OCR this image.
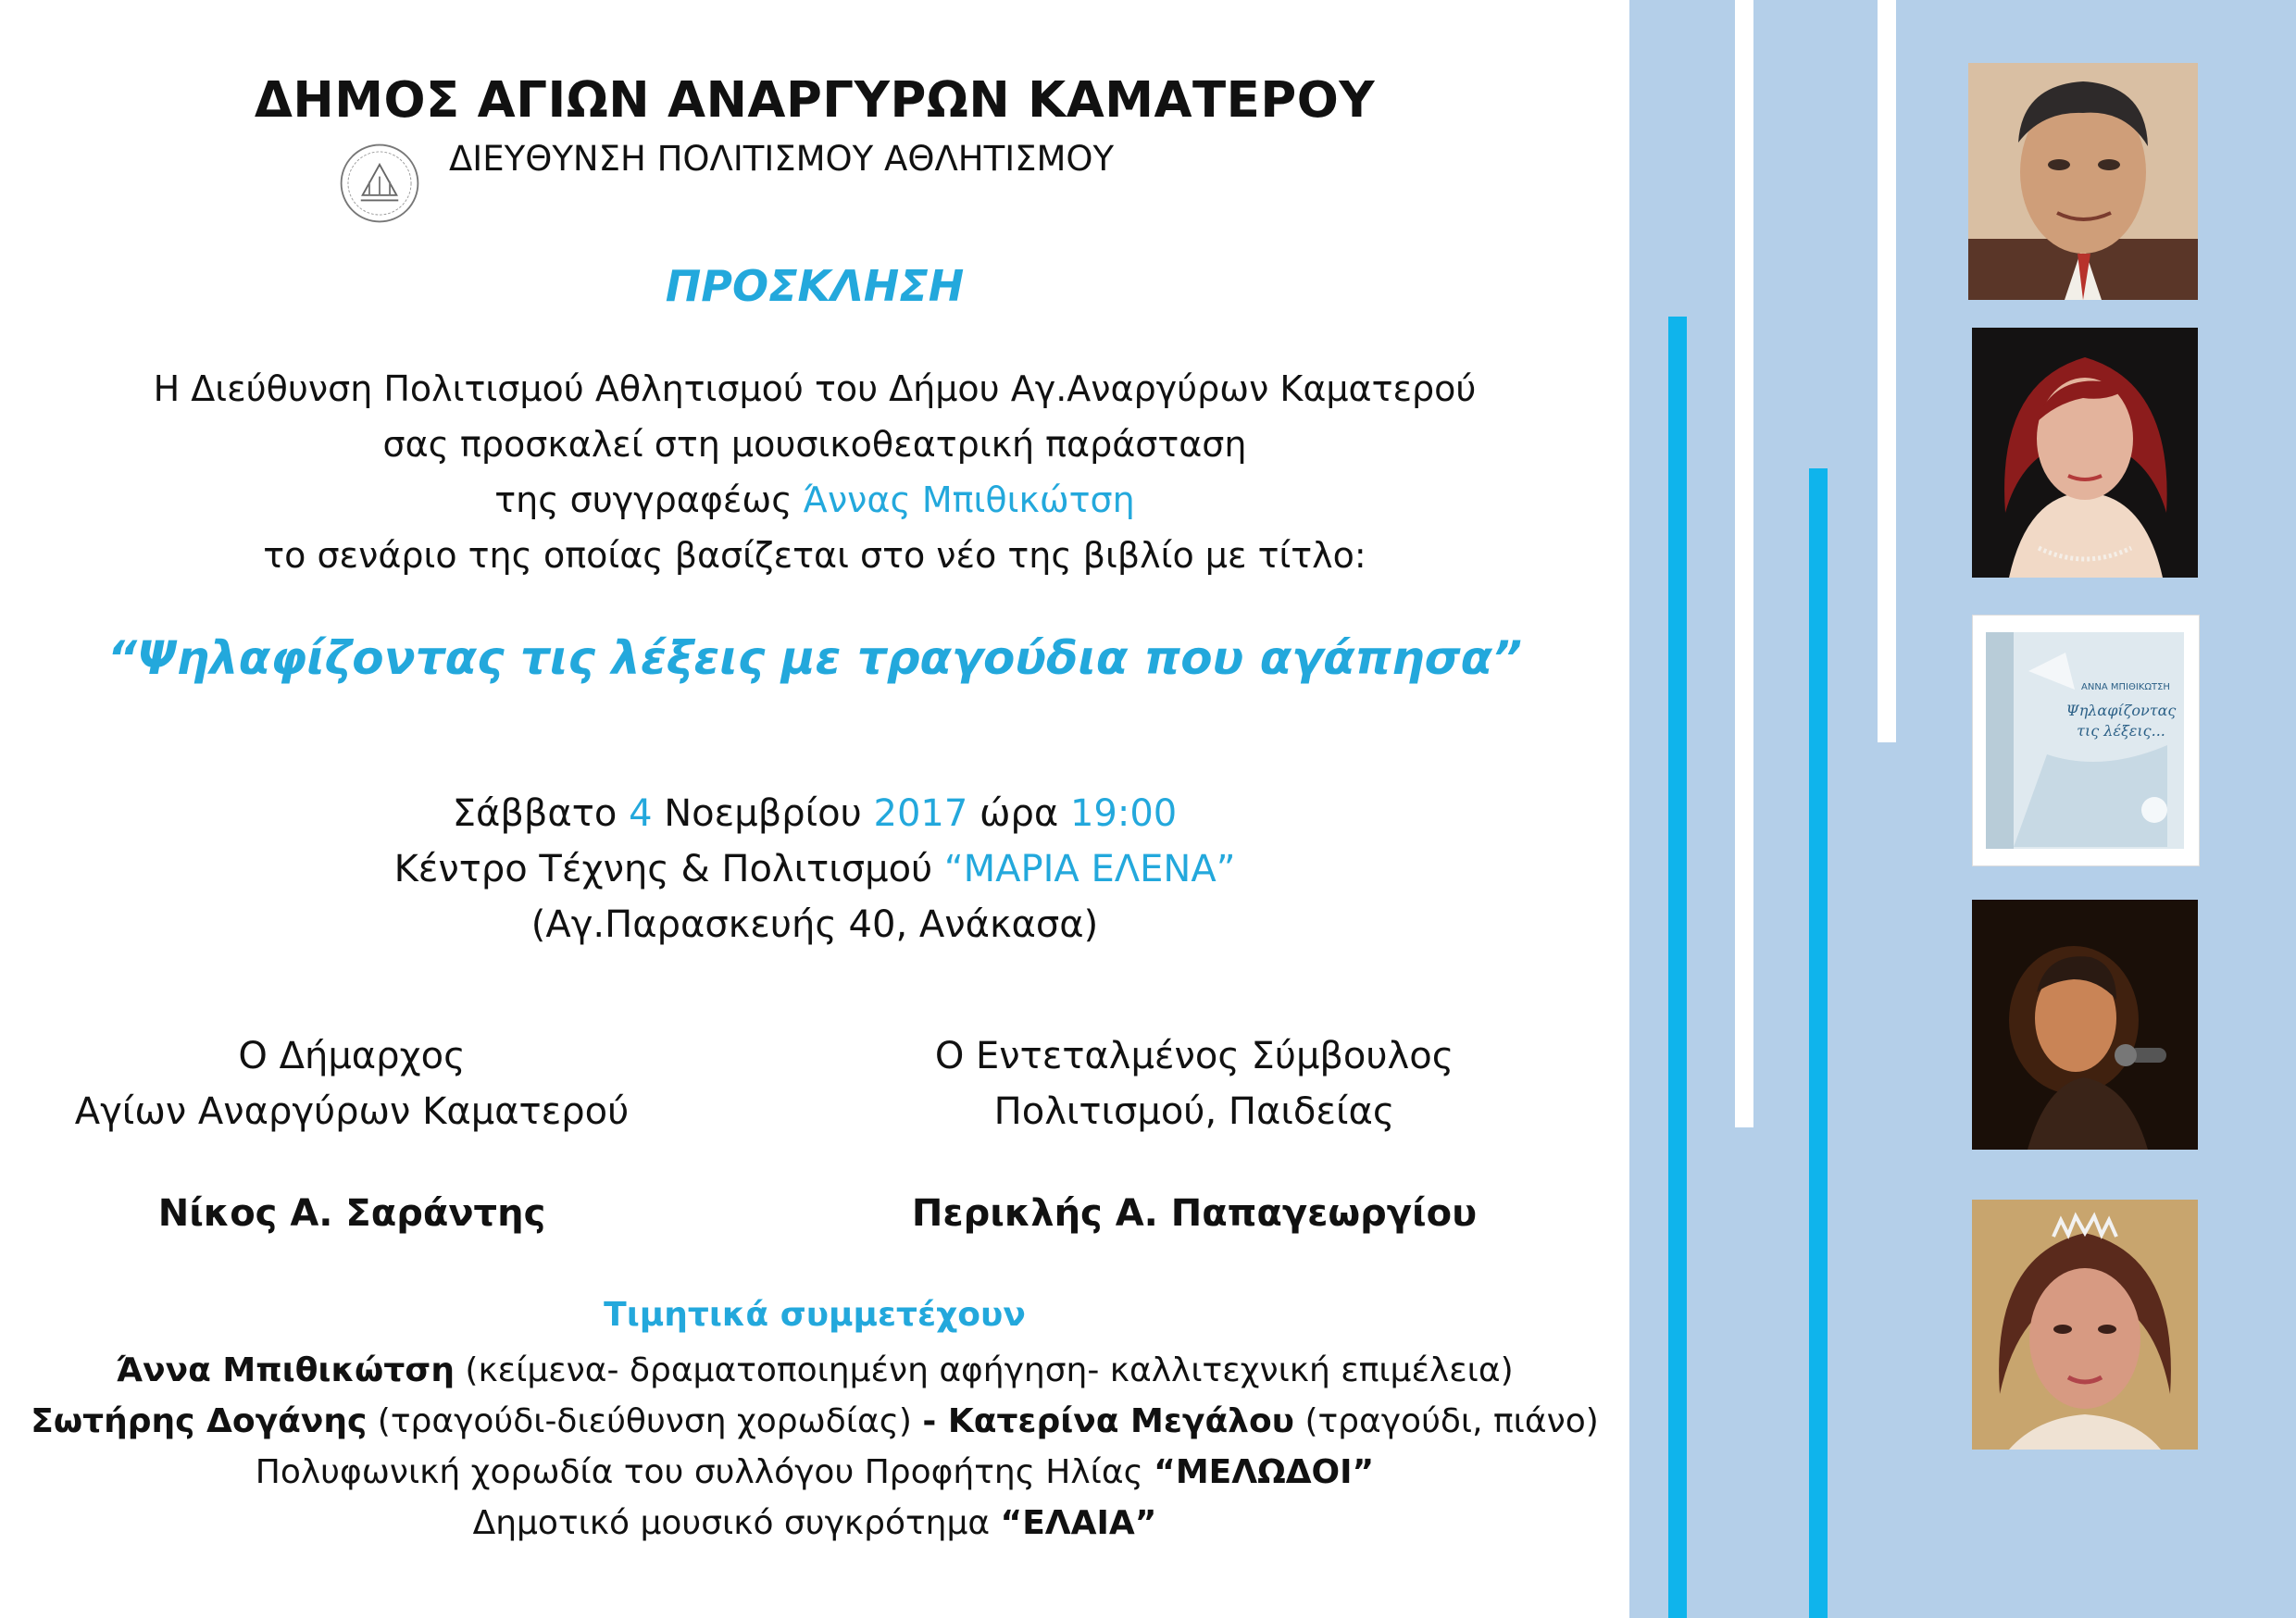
ΔΗΜΟΣ ΑΓΙΩΝ ΑΝΑΡΓΥΡΩΝ ΚΑΜΑΤΕΡΟΥ
ΔΙΕΥΘΥΝΣΗ ΠΟΛΙΤΙΣΜΟΥ ΑΘΛΗΤΙΣΜΟΥ
ΠΡΟΣΚΛΗΣΗ
Η Διεύθυνση Πολιτισμού Αθλητισμού του Δήμου Αγ.Αναργύρων Καματερού
σας προσκαλεί στη μουσικοθεατρική παράσταση
της συγγραφέως Άννας Μπιθικώτση
το σενάριο της οποίας βασίζεται στο νέο της βιβλίο με τίτλο:
“Ψηλαφίζοντας τις λέξεις με τραγούδια που αγάπησα”
Σάββατο 4 Νοεμβρίου 2017 ώρα 19:00
Κέντρο Τέχνης & Πολιτισμού “ΜΑΡΙΑ ΕΛΕΝΑ”
(Αγ.Παρασκευής 40, Ανάκασα)
Ο Δήμαρχος
Αγίων Αναργύρων Καματερού
Νίκος Α. Σαράντης
Ο Εντεταλμένος Σύμβουλος
Πολιτισμού, Παιδείας
Περικλής Α. Παπαγεωργίου
Τιμητικά συμμετέχουν
Άννα Μπιθικώτση (κείμενα- δραματοποιημένη αφήγηση- καλλιτεχνική επιμέλεια)
Σωτήρης Δογάνης (τραγούδι-διεύθυνση χορωδίας) - Κατερίνα Μεγάλου (τραγούδι, πιάνο)
Πολυφωνική χορωδία του συλλόγου Προφήτης Ηλίας “ΜΕΛΩΔΟΙ”
Δημοτικό μουσικό συγκρότημα “ΕΛΑΙΑ”
ΑΝΝΑ ΜΠΙΘΙΚΩΤΣΗ
Ψηλαφίζοντας τις λέξεις...
